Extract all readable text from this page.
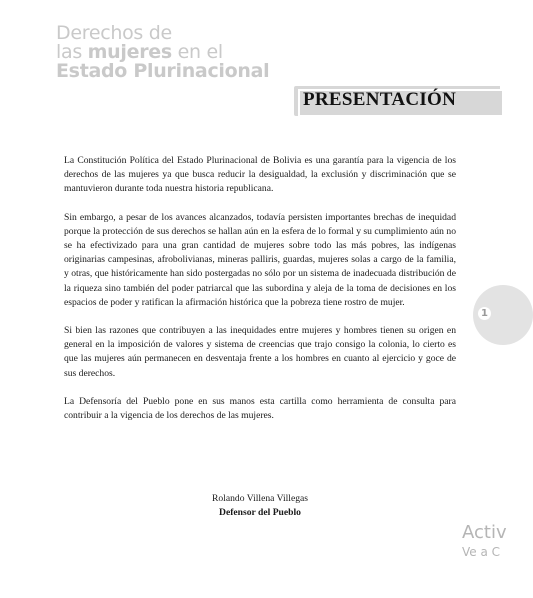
Derechos de
las mujeres en el
Estado Plurinacional
PRESENTACIÓN

La Constitución Política del Estado Plurinacional de Bolivia es una garantía para la vigencia de los derechos de las mujeres ya que busca reducir la desigualdad, la exclusión y discriminación que se mantuvieron durante toda nuestra historia republicana.

Sin embargo, a pesar de los avances alcanzados, todavía persisten importantes brechas de inequidad porque la protección de sus derechos se hallan aún en la esfera de lo formal y su cumplimiento aún no se ha efectivizado para una gran cantidad de mujeres sobre todo las más pobres, las indígenas originarias campesinas, afrobolivianas, mineras palliris, guardas, mujeres solas a cargo de la familia, y otras, que históricamente han sido postergadas no sólo por un sistema de inadecuada distribución de la riqueza sino también del poder patriarcal que las subordina y aleja de la toma de decisiones en los espacios de poder y ratifican la afirmación histórica que la pobreza tiene rostro de mujer.

Si bien las razones que contribuyen a las inequidades entre mujeres y hombres tienen su origen en general en la imposición de valores y sistema de creencias que trajo consigo la colonia, lo cierto es que las mujeres aún permanecen en desventaja frente a los hombres en cuanto al ejercicio y goce de sus derechos.

La Defensoría del Pueblo pone en sus manos esta cartilla como herramienta de consulta para contribuir a la vigencia de los derechos de las mujeres.

Rolando Villena Villegas
Defensor del Pueblo
1
Activ
Ve a C
